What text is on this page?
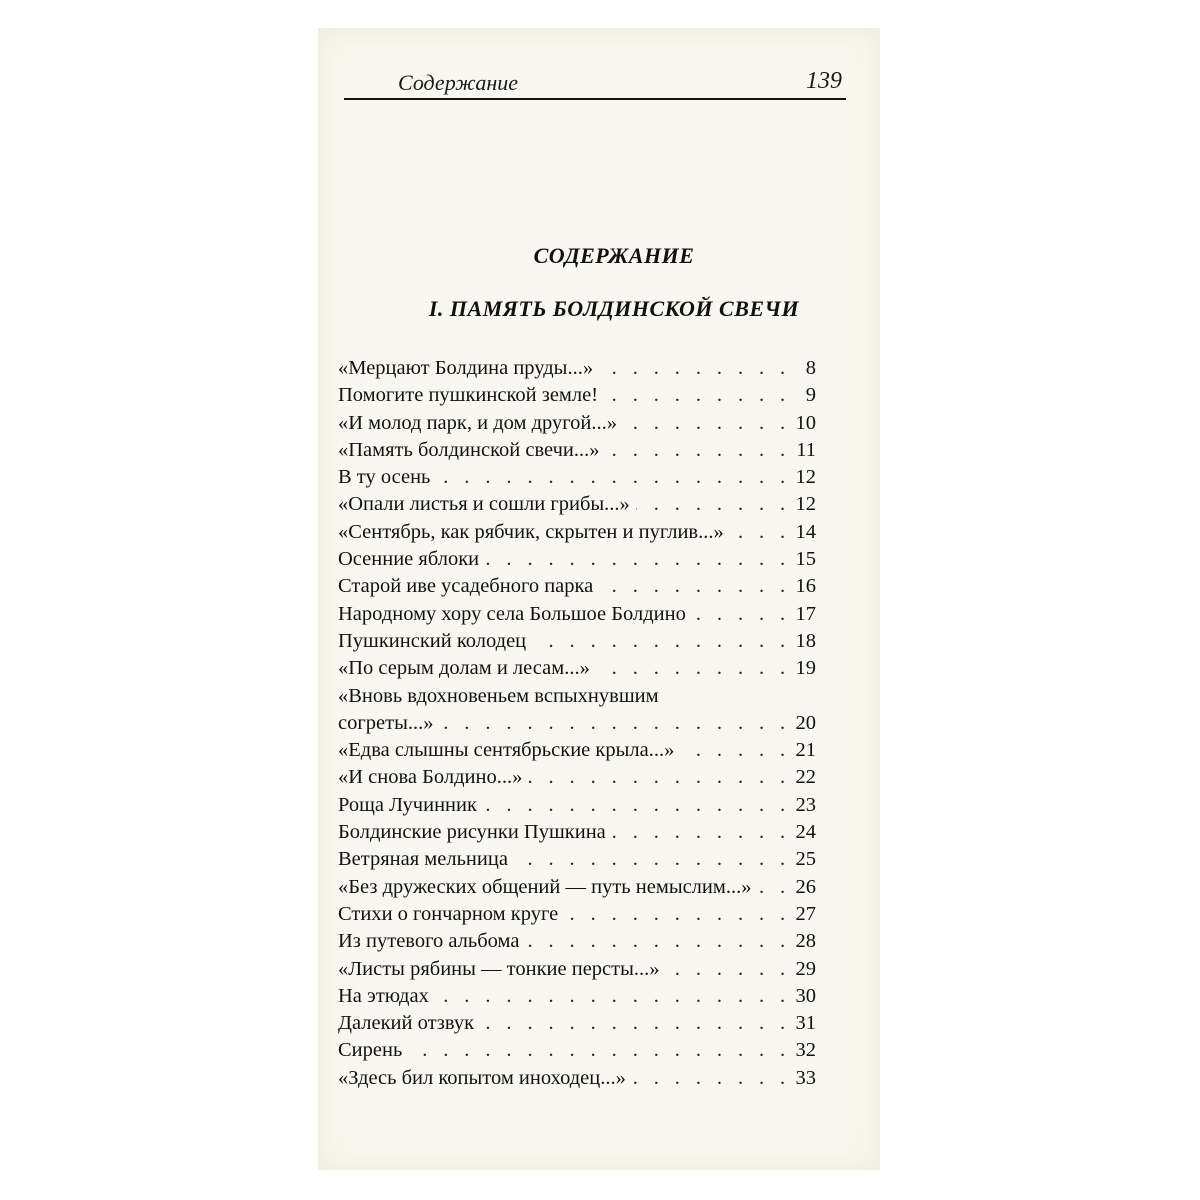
Содержание	139
СОДЕРЖАНИЕ
I. ПАМЯТЬ БОЛДИНСКОЙ СВЕЧИ
. . .
«Мерцают Болдина пруды...»	8
. . .
Помогите пушкинской земле!	9
. . .
«И молод парк, и дом другой...»	10
. . .
«Память болдинской свечи...»	11
. . .
В ту осень	12
. . .
«Опали листья и сошли грибы...»	12
. . .
«Сентябрь, как рябчик, скрытен и пуглив...»	14
. . .
Осенние яблоки	15
. . .
Старой иве усадебного парка	16
. . .
Народному хору села Большое Болдино	17
. . .
Пушкинский колодец	18
. . .
«По серым долам и лесам...»	19
«Вновь вдохновеньем вспыхнувшим
. . .
согреты...»	20
. . .
«Едва слышны сентябрьские крыла...»	21
. . .
«И снова Болдино...»	22
. . .
Роща Лучинник	23
. . .
Болдинские рисунки Пушкина	24
. . .
Ветряная мельница	25
. . .
«Без дружеских общений — путь немыслим...» 26
. . .
Стихи о гончарном круге	27
. . .
Из путевого альбома	28
. . .
«Листы рябины — тонкие персты...»	29
. . .
На этюдах	30
. . .
Далекий отзвук	31
. . .
Сирень	32
. . .
«Здесь бил копытом иноходец...»	33
